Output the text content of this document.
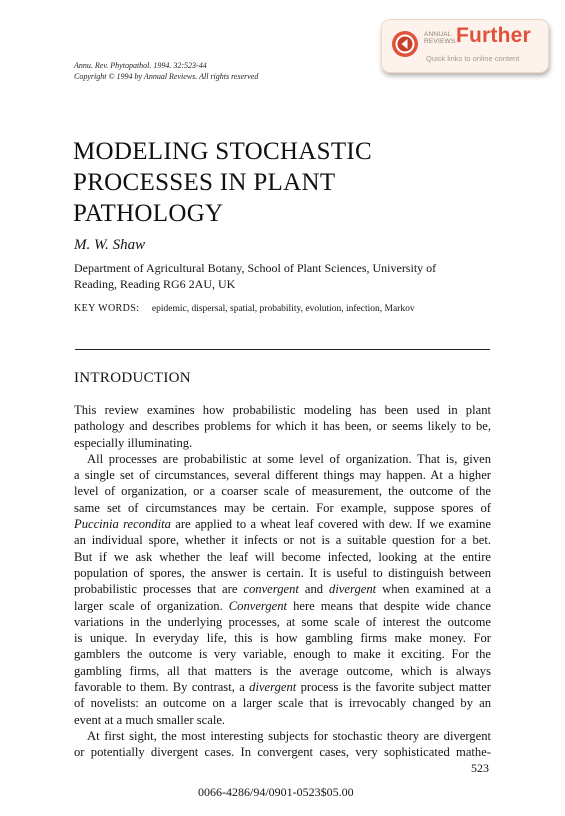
Annu. Rev. Phytopathol. 1994. 32:523-44
Copyright © 1994 by Annual Reviews. All rights reserved
ANNUAL
REVIEWS Further
Quick links to online content
MODELING STOCHASTIC
PROCESSES IN PLANT
PATHOLOGY
M. W. Shaw
Department of Agricultural Botany, School of Plant Sciences, University of
Reading, Reading RG6 2AU, UK
KEY WORDS: epidemic, dispersal, spatial, probability, evolution, infection, Markov
INTRODUCTION

This review examines how probabilistic modeling has been used in plant
pathology and describes problems for which it has been, or seems likely to be,
especially illuminating.

All processes are probabilistic at some level of organization. That is, given
a single set of circumstances, several different things may happen. At a higher
level of organization, or a coarser scale of measurement, the outcome of the
same set of circumstances may be certain. For example, suppose spores of
Puccinia recondita are applied to a wheat leaf covered with dew. If we examine
an individual spore, whether it infects or not is a suitable question for a bet.
But if we ask whether the leaf will become infected, looking at the entire
population of spores, the answer is certain. It is useful to distinguish between
probabilistic processes that are convergent and divergent when examined at a
larger scale of organization. Convergent here means that despite wide chance
variations in the underlying processes, at some scale of interest the outcome
is unique. In everyday life, this is how gambling firms make money. For
gamblers the outcome is very variable, enough to make it exciting. For the
gambling firms, all that matters is the average outcome, which is always
favorable to them. By contrast, a divergent process is the favorite subject matter
of novelists: an outcome on a larger scale that is irrevocably changed by an
event at a much smaller scale.

At first sight, the most interesting subjects for stochastic theory are divergent
or potentially divergent cases. In convergent cases, very sophisticated mathe-

523
0066-4286/94/0901-0523$05.00
